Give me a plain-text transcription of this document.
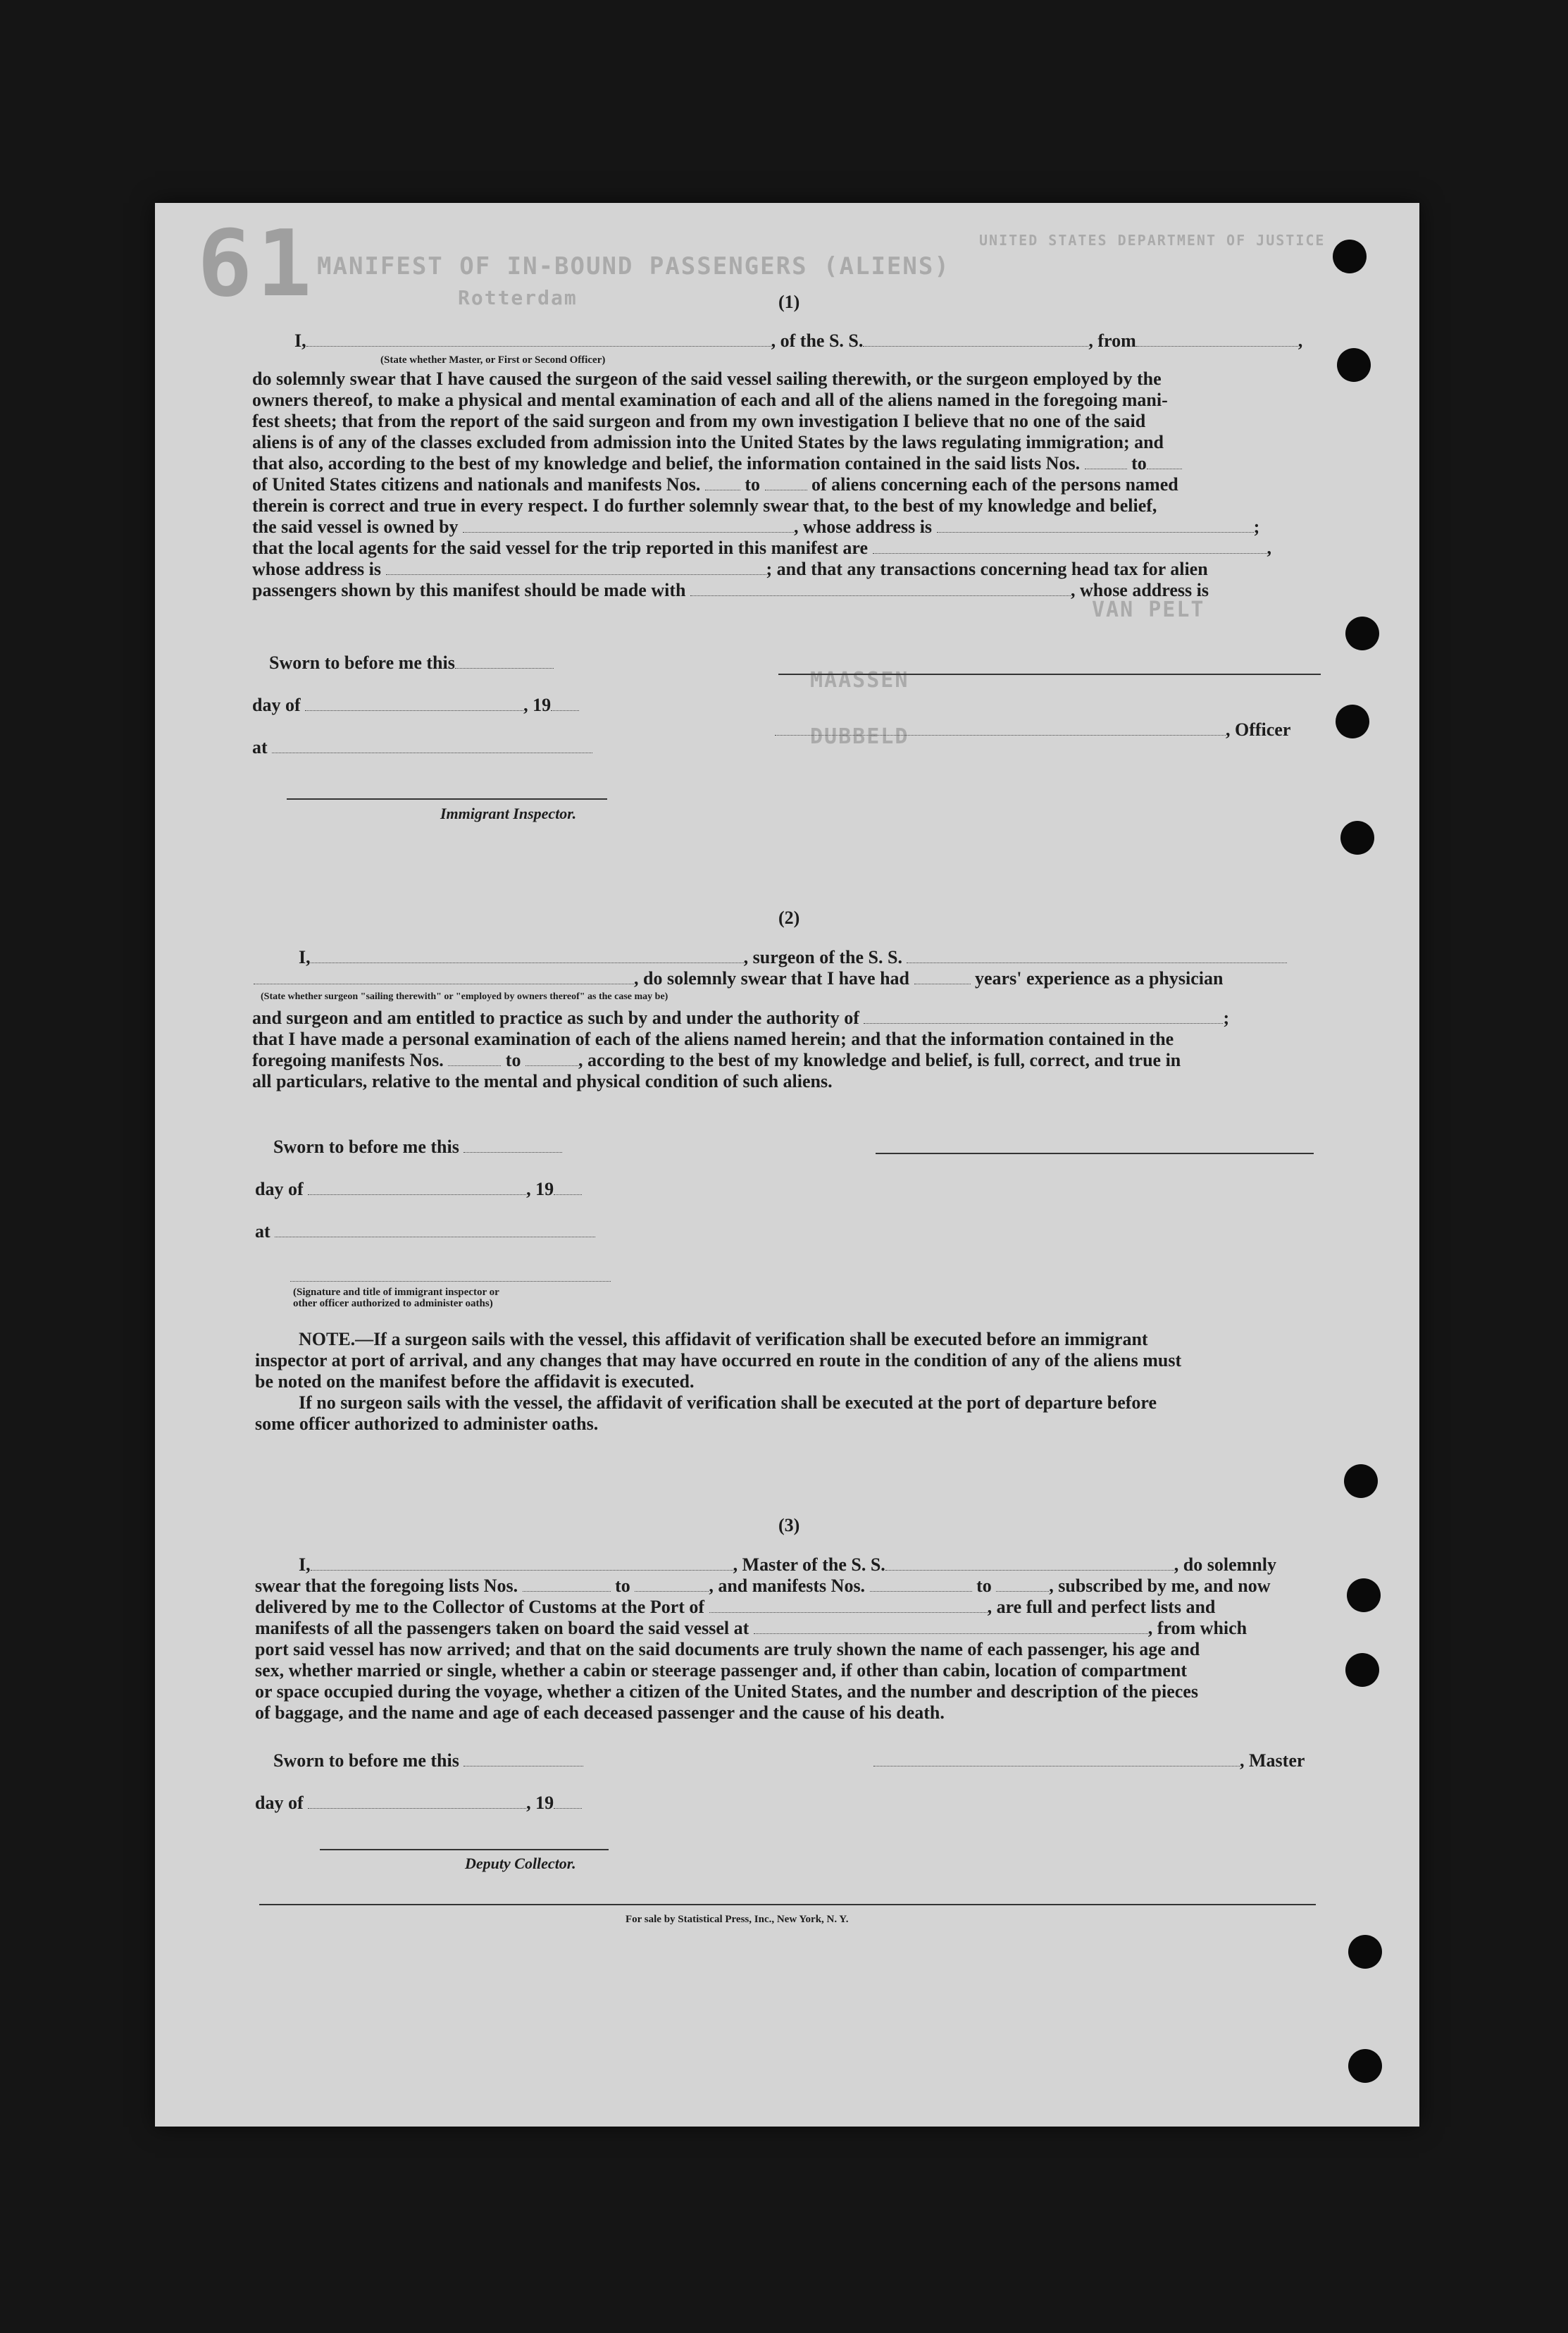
61 MANIFEST OF IN-BOUND PASSENGERS (ALIENS)
Rotterdam
UNITED STATES DEPARTMENT OF JUSTICE
VAN PELT
MAASSEN
DUBBELD
(1)
I,	, of the S. S.	, from	,
(State whether Master, or First or Second Officer)
do solemnly swear that I have caused the surgeon of the said vessel sailing therewith, or the surgeon employed by the
owners thereof, to make a physical and mental examination of each and all of the aliens named in the foregoing mani-
fest sheets; that from the report of the said surgeon and from my own investigation I believe that no one of the said
aliens is of any of the classes excluded from admission into the United States by the laws regulating immigration; and
that also, according to the best of my knowledge and belief, the information contained in the said lists Nos.	to
of United States citizens and nationals and manifests Nos. to	of aliens concerning each of the persons named
therein is correct and true in every respect. I do further solemnly swear that, to the best of my knowledge and belief,
the said vessel is owned by	, whose address is	;
that the local agents for the said vessel for the trip reported in this manifest are	,
whose address is	; and that any transactions concerning head tax for alien
passengers shown by this manifest should be made with	, whose address is
Sworn to before me this
day of	, 19
, Officer
at
Immigrant Inspector.
(2)
I,	, surgeon of the S. S.
, do solemnly swear that I have had	years' experience as a physician
(State whether surgeon "sailing therewith" or "employed by owners thereof" as the case may be)
and surgeon and am entitled to practice as such by and under the authority of	;
that I have made a personal examination of each of the aliens named herein; and that the information contained in the
foregoing manifests Nos.	to	, according to the best of my knowledge and belief, is full, correct, and true in
all particulars, relative to the mental and physical condition of such aliens.
Sworn to before me this
day of	, 19
at
(Signature and title of immigrant inspector or
other officer authorized to administer oaths)
NOTE.—If a surgeon sails with the vessel, this affidavit of verification shall be executed before an immigrant
inspector at port of arrival, and any changes that may have occurred en route in the condition of any of the aliens must
be noted on the manifest before the affidavit is executed.
If no surgeon sails with the vessel, the affidavit of verification shall be executed at the port of departure before
some officer authorized to administer oaths.
(3)
I,	, Master of the S. S.	, do solemnly
swear that the foregoing lists Nos.	to	, and manifests Nos.	to	, subscribed by me, and now
delivered by me to the Collector of Customs at the Port of	, are full and perfect lists and
manifests of all the passengers taken on board the said vessel at	, from which
port said vessel has now arrived; and that on the said documents are truly shown the name of each passenger, his age and
sex, whether married or single, whether a cabin or steerage passenger and, if other than cabin, location of compartment
or space occupied during the voyage, whether a citizen of the United States, and the number and description of the pieces
of baggage, and the name and age of each deceased passenger and the cause of his death.
Sworn to before me this	, Master
day of	, 19
Deputy Collector.
For sale by Statistical Press, Inc., New York, N. Y.
